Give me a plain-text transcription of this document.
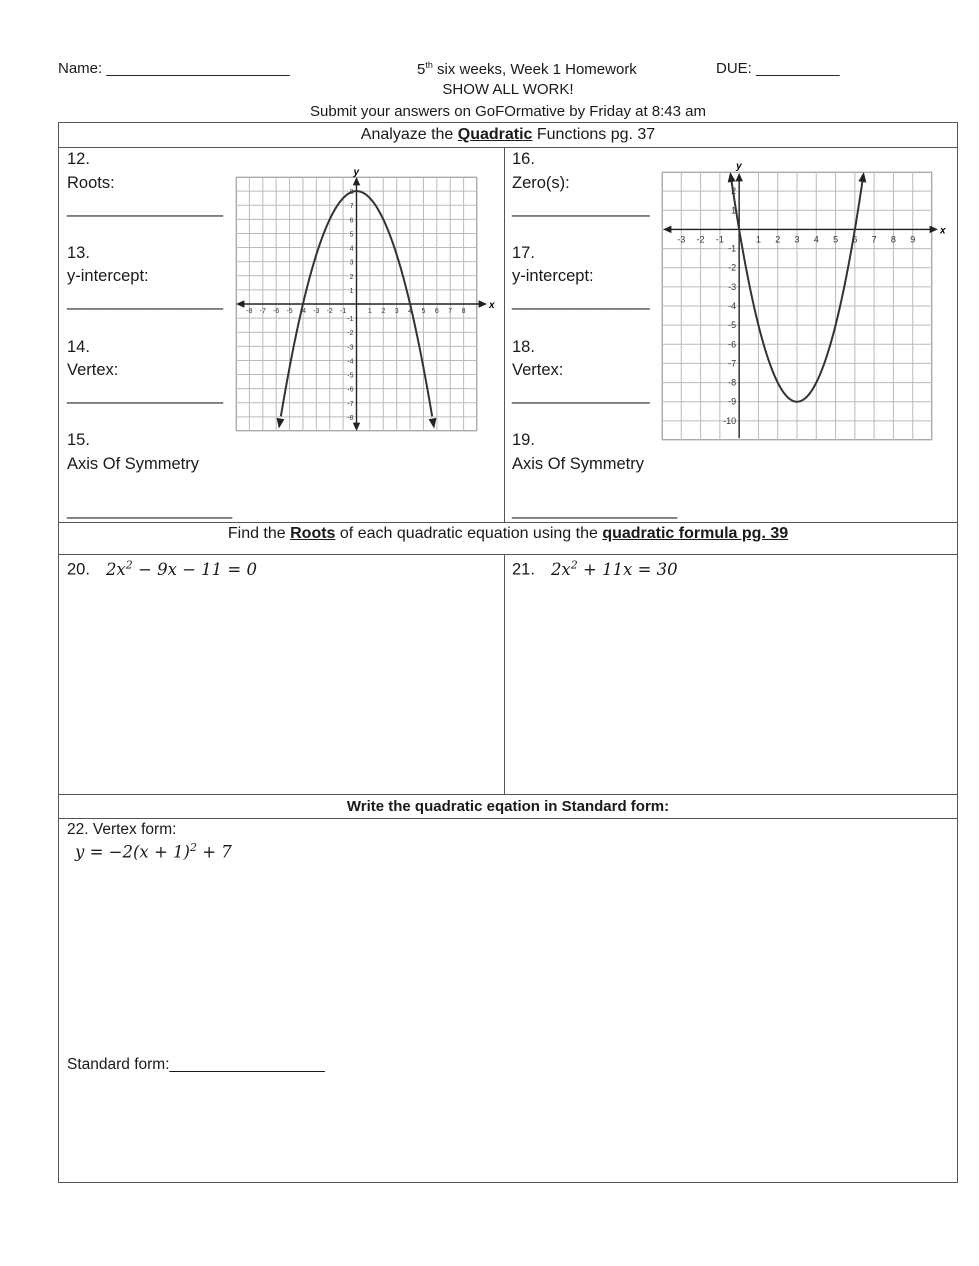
Name: ______________________	5th six weeks, Week 1 Homework	DUE: __________
SHOW ALL WORK!
Submit your answers on GoFOrmative by Friday at 8:43 am
Analyaze the Quadratic Functions pg. 37
12.
Roots:
_________________
13.
y-intercept:
_________________
14.
Vertex:
_________________
15.
Axis Of Symmetry
__________________
16.
Zero(s):
_______________
17.
y-intercept:
_______________
18.
Vertex:
_______________
19.
Axis Of Symmetry
__________________
x
y
-8 -7 -6 -5 -4 -3 -2 -1	1 2 3 4 5 6 7 8
-8
-7
-6
-5
-4
-3
-2
-1
1
2
3
4
5
6
7
8
x
y
-3 -2 -1	1 2 3 4 5 6 7 8 9
2
1
-1
-2
-3
-4
-5
-6
-7
-8
-9
-10
Find the Roots of each quadratic equation using the quadratic formula pg. 39
20. $2x^2 - 9x - 11 = 0$	21. $2x^2 + 11x = 30$
Write the quadratic eqation in Standard form:
22. Vertex form:
$y = -2(x + 1)^2 + 7$
Standard form:__________________
